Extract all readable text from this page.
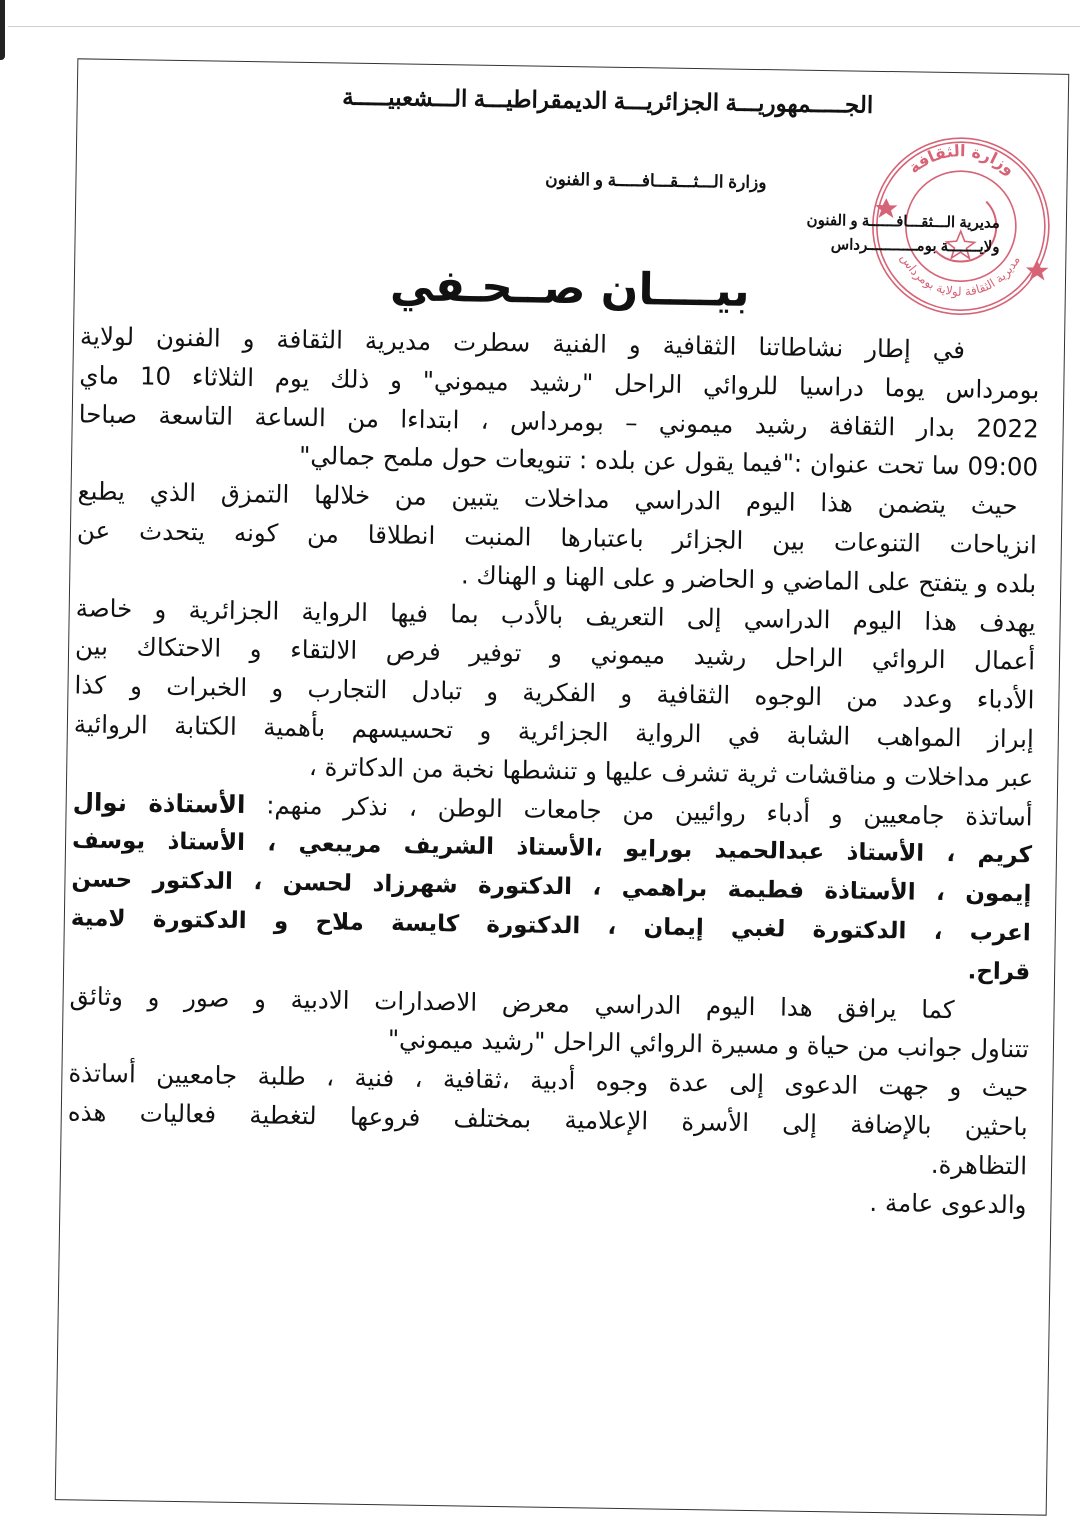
الجـــــمهوريـــة الجزائريـــة الديمقراطيـــة الـــشعبيـــــة
وزارة الـــثـــقـــافـــــة و الفنون
وزارة الثقافة
مديرية الثقافة لولاية بومرداس
مديرية الـــثقـــافــــــة و الفنون
ولايـــــــة بومـــــــــــرداس
بيــــان صــحـفي

في إطار نشاطاتنا الثقافية و الفنية سطرت مديرية الثقافة و الفنون لولاية
بومرداس يوما دراسيا للروائي الراحل "رشيد ميموني" و ذلك يوم الثلاثاء 10 ماي
2022 بدار الثقافة رشيد ميموني – بومرداس ، ابتداءا من الساعة التاسعة صباحا
09:00 سا تحت عنوان :"فيما يقول عن بلده : تنويعات حول ملمح جمالي"

حيث يتضمن هذا اليوم الدراسي مداخلات يتبين من خلالها التمزق الذي يطبع
انزياحات التنوعات بين الجزائر باعتبارها المنبت انطلاقا من كونه يتحدث عن
بلده و يتفتح على الماضي و الحاضر و على الهنا و الهناك .

يهدف هذا اليوم الدراسي إلى التعريف بالأدب بما فيها الرواية الجزائرية و خاصة
أعمال الروائي الراحل رشيد ميموني و توفير فرص الالتقاء و الاحتكاك بين
الأدباء وعدد من الوجوه الثقافية و الفكرية و تبادل التجارب و الخبرات و كذا
إبراز المواهب الشابة في الرواية الجزائرية و تحسيسهم بأهمية الكتابة الروائية
عبر مداخلات و مناقشات ثرية تشرف عليها و تنشطها نخبة من الدكاترة ،
أساتذة جامعيين و أدباء روائيين من جامعات الوطن ، نذكر منهم: الأستاذة نوال

كريم ، الأستاذ عبدالحميد بورايو ،الأستاذ الشريف مريبعي ، الأستاذ يوسف
إيمون ، الأستاذة فطيمة براهمي ، الدكتورة شهرزاد لحسن ، الدكتور حسن
اعرب ، الدكتورة لغبي إيمان ، الدكتورة كايسة ملاح و الدكتورة لامية
قراح.

كما يرافق هدا اليوم الدراسي معرض الاصدارات الادبية و صور و وثائق
تتناول جوانب من حياة و مسيرة الروائي الراحل "رشيد ميموني"

حيث و جهت الدعوى إلى عدة وجوه أدبية ،ثقافية ، فنية ، طلبة جامعيين أساتذة
باحثين بالإضافة إلى الأسرة الإعلامية بمختلف فروعها لتغطية فعاليات هذه
التظاهرة.

والدعوى عامة .
